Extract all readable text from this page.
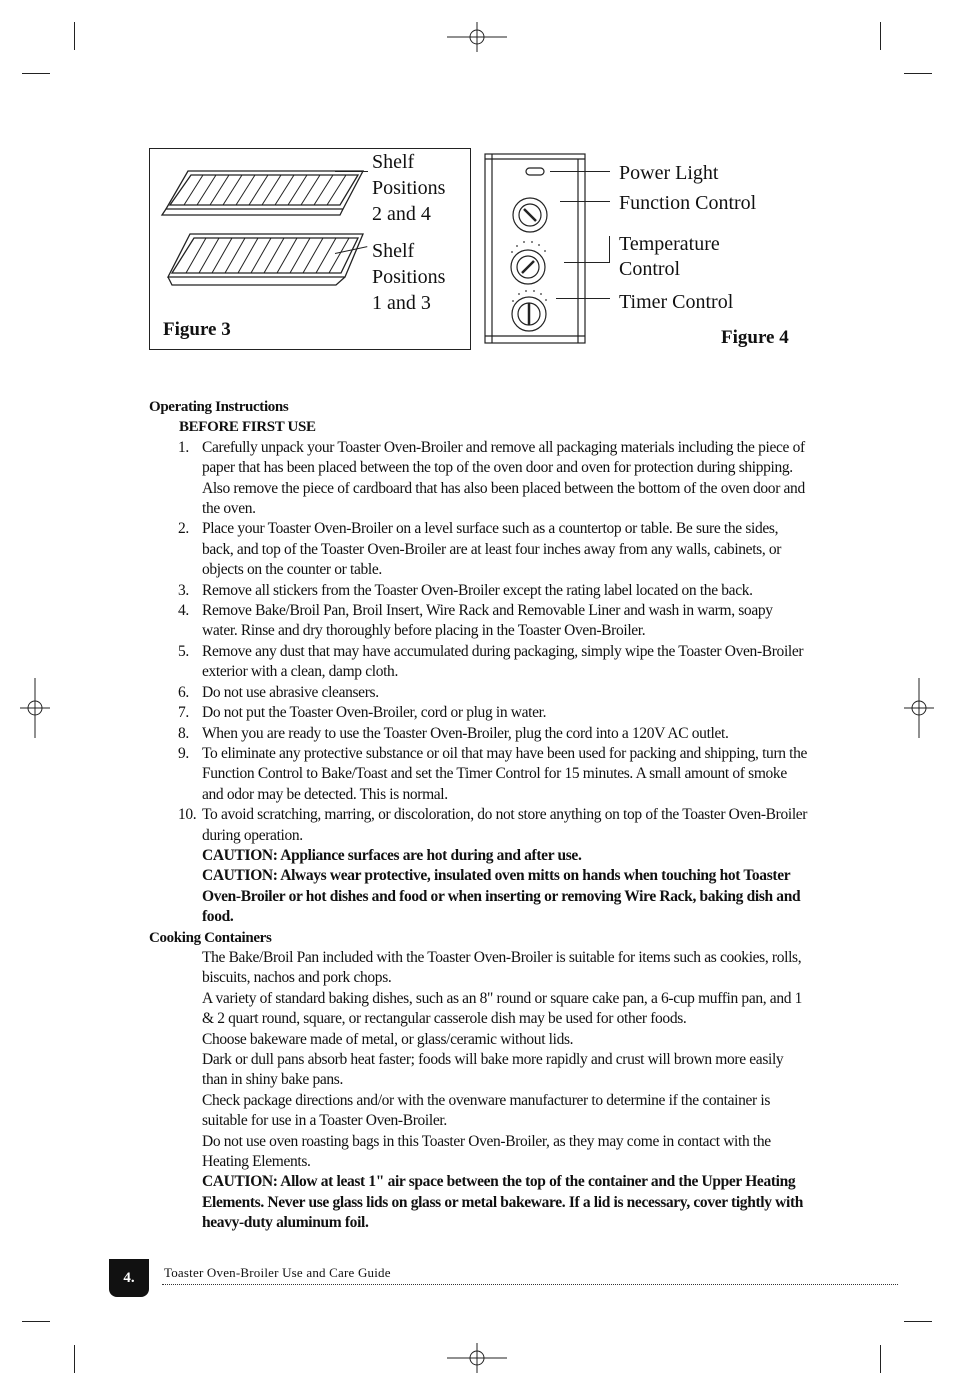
Shelf
Positions
2 and 4
Shelf
Positions
1 and 3
Figure 3
Power Light
Function Control
Temperature
Control
Timer Control
Figure 4
Operating Instructions
BEFORE FIRST USE
1. Carefully unpack your Toaster Oven-Broiler and remove all packaging materials including the piece of paper that has been placed between the top of the oven door and oven for protection during shipping. Also remove the piece of cardboard that has also been placed between the bottom of the oven door and the oven.
2. Place your Toaster Oven-Broiler on a level surface such as a countertop or table. Be sure the sides, back, and top of the Toaster Oven-Broiler are at least four inches away from any walls, cabinets, or objects on the counter or table.
3. Remove all stickers from the Toaster Oven-Broiler except the rating label located on the back.
4. Remove Bake/Broil Pan, Broil Insert, Wire Rack and Removable Liner and wash in warm, soapy water. Rinse and dry thoroughly before placing in the Toaster Oven-Broiler.
5. Remove any dust that may have accumulated during packaging, simply wipe the Toaster Oven-Broiler exterior with a clean, damp cloth.
6. Do not use abrasive cleansers.
7. Do not put the Toaster Oven-Broiler, cord or plug in water.
8. When you are ready to use the Toaster Oven-Broiler, plug the cord into a 120V AC outlet.
9. To eliminate any protective substance or oil that may have been used for packing and shipping, turn the Function Control to Bake/Toast and set the Timer Control for 15 minutes. A small amount of smoke and odor may be detected. This is normal.
10. To avoid scratching, marring, or discoloration, do not store anything on top of the Toaster Oven-Broiler during operation.
CAUTION: Appliance surfaces are hot during and after use.
CAUTION: Always wear protective, insulated oven mitts on hands when touching hot Toaster Oven-Broiler or hot dishes and food or when inserting or removing Wire Rack, baking dish and food.
Cooking Containers
The Bake/Broil Pan included with the Toaster Oven-Broiler is suitable for items such as cookies, rolls, biscuits, nachos and pork chops.
A variety of standard baking dishes, such as an 8" round or square cake pan, a 6-cup muffin pan, and 1 & 2 quart round, square, or rectangular casserole dish may be used for other foods.
Choose bakeware made of metal, or glass/ceramic without lids.
Dark or dull pans absorb heat faster; foods will bake more rapidly and crust will brown more easily than in shiny bake pans.
Check package directions and/or with the ovenware manufacturer to determine if the container is suitable for use in a Toaster Oven-Broiler.
Do not use oven roasting bags in this Toaster Oven-Broiler, as they may come in contact with the Heating Elements.
CAUTION: Allow at least 1" air space between the top of the container and the Upper Heating Elements. Never use glass lids on glass or metal bakeware. If a lid is necessary, cover tightly with heavy-duty aluminum foil.
4.	Toaster Oven-Broiler Use and Care Guide
